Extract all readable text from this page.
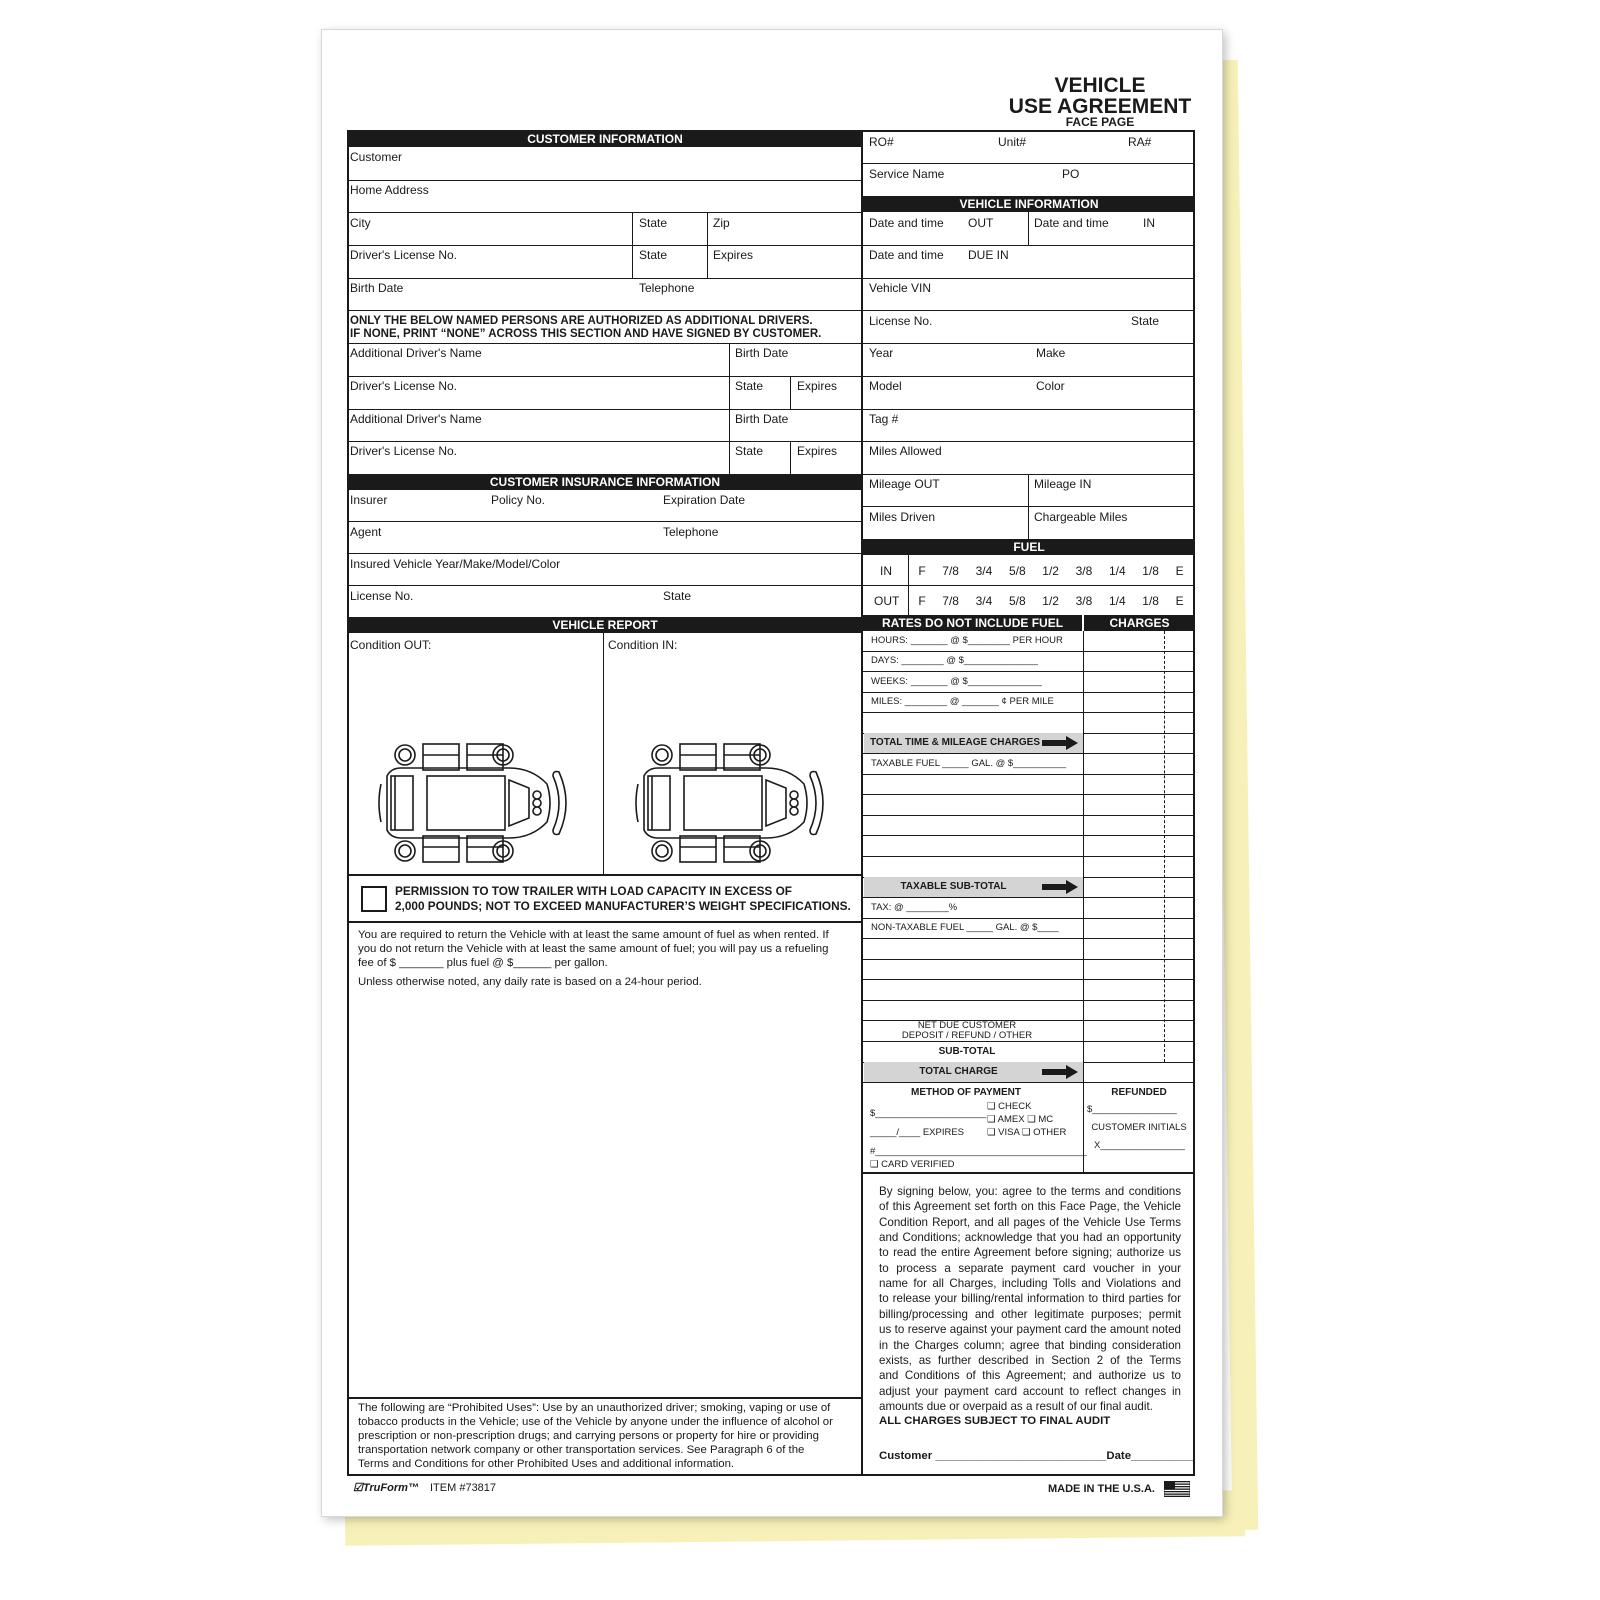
VEHICLE
USE AGREEMENT
FACE PAGE
CUSTOMER INFORMATION
Customer
Home Address
City	State	Zip
Driver's License No.	State	Expires
Birth Date	Telephone
ONLY THE BELOW NAMED PERSONS ARE AUTHORIZED AS ADDITIONAL DRIVERS.
IF NONE, PRINT “NONE” ACROSS THIS SECTION AND HAVE SIGNED BY CUSTOMER.
Additional Driver's Name	Birth Date
Driver's License No.	State	Expires
Additional Driver's Name	Birth Date
Driver's License No.	State	Expires
CUSTOMER INSURANCE INFORMATION
Insurer	Policy No.	Expiration Date
Agent	Telephone
Insured Vehicle Year/Make/Model/Color
License No.	State
VEHICLE REPORT
Condition OUT:	Condition IN:
PERMISSION TO TOW TRAILER WITH LOAD CAPACITY IN EXCESS OF
2,000 POUNDS; NOT TO EXCEED MANUFACTURER’S WEIGHT SPECIFICATIONS.
You are required to return the Vehicle with at least the same amount of fuel as when rented. If
you do not return the Vehicle with at least the same amount of fuel; you will pay us a refueling
fee of $ _______ plus fuel @ $______ per gallon.
Unless otherwise noted, any daily rate is based on a 24-hour period.
The following are “Prohibited Uses”: Use by an unauthorized driver; smoking, vaping or use of
tobacco products in the Vehicle; use of the Vehicle by anyone under the influence of alcohol or
prescription or non-prescription drugs; and carrying persons or property for hire or providing
transportation network company or other transportation services. See Paragraph 6 of the
Terms and Conditions for other Prohibited Uses and additional information.
RO#	Unit#	RA#
Service Name	PO
VEHICLE INFORMATION
Date and time OUT	Date and time	IN
Date and time DUE IN
Vehicle VIN
License No.	State
Year	Make
Model	Color
Tag #
Miles Allowed
Mileage OUT	Mileage IN
Miles Driven	Chargeable Miles
FUEL
IN F 7/8 3/4 5/8 1/2 3/8 1/4 1/8 E
OUT F 7/8 3/4 5/8 1/2 3/8 1/4 1/8 E
RATES DO NOT INCLUDE FUEL	CHARGES
HOURS: _______ @ $________ PER HOUR
DAYS: ________ @ $______________
WEEKS: _______ @ $______________
MILES: ________ @ _______ ¢ PER MILE
TOTAL TIME & MILEAGE CHARGES
TAXABLE FUEL _____ GAL. @ $__________
TAXABLE SUB-TOTAL
TAX: @ ________%
NON-TAXABLE FUEL _____ GAL. @ $____
NET DUE CUSTOMER
DEPOSIT / REFUND / OTHER
SUB-TOTAL
TOTAL CHARGE
METHOD OF PAYMENT	REFUNDED
$_____________________
❑ CHECK
❑ AMEX ❑ MC
_____/____ EXPIRES ❑ VISA ❑ OTHER
#________________________________________
❑ CARD VERIFIED
$________________
CUSTOMER INITIALS
X________________
By signing below, you: agree to the terms and conditions
of this Agreement set forth on this Face Page, the Vehicle
Condition Report, and all pages of the Vehicle Use Terms
and Conditions; acknowledge that you had an opportunity
to read the entire Agreement before signing; authorize us
to process a separate payment card voucher in your
name for all Charges, including Tolls and Violations and
to release your billing/rental information to third parties for
billing/processing and other legitimate purposes; permit
us to reserve against your payment card the amount noted
in the Charges column; agree that binding consideration
exists, as further described in Section 2 of the Terms
and Conditions of this Agreement; and authorize us to
adjust your payment card account to reflect changes in
amounts due or overpaid as a result of our final audit.
ALL CHARGES SUBJECT TO FINAL AUDIT
Customer ___________________________Date__________
☑TruForm™ ITEM #73817	MADE IN THE U.S.A.
